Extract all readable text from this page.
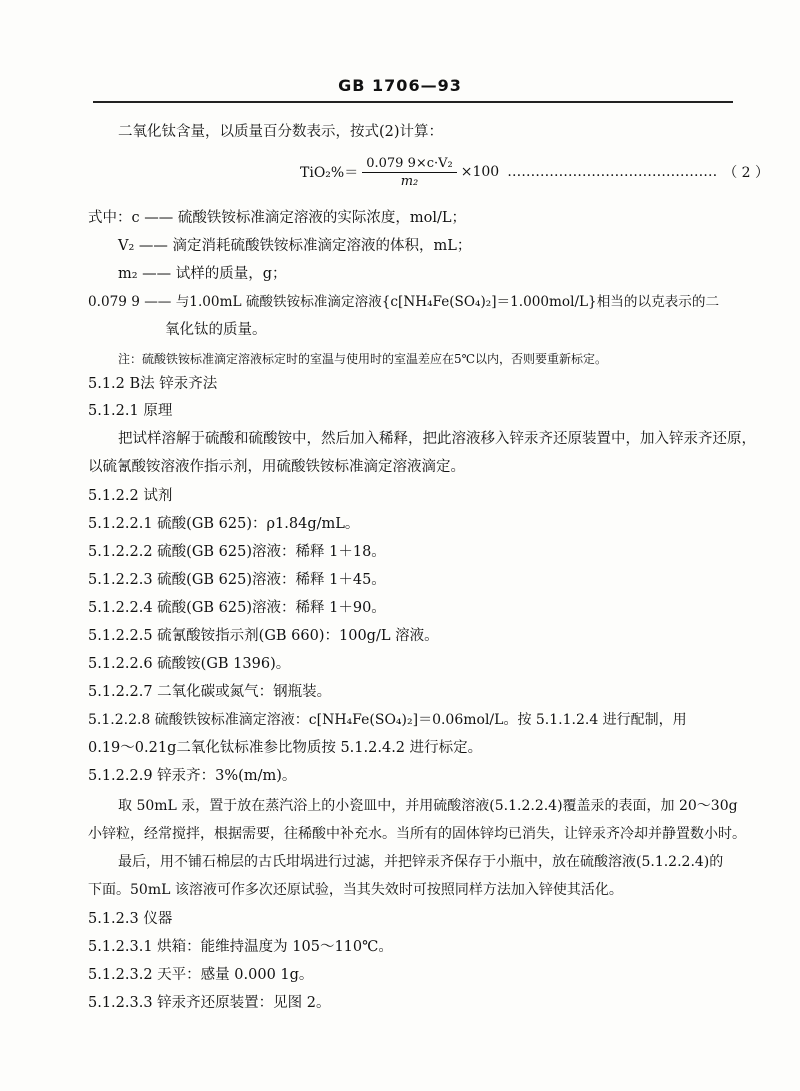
GB 1706—93
二氧化钛含量，以质量百分数表示，按式(2)计算：
$TiO_2\%= \frac{\text{0.079 9×c·V₂}}{\text{m₂}} \times 100$ ……………………………………… （ 2 ）
式中：c —— 硫酸铁铵标准滴定溶液的实际浓度，mol/L；
V₂ —— 滴定消耗硫酸铁铵标准滴定溶液的体积，mL；
m₂ —— 试样的质量，g；
0.079 9 —— 与1.00mL 硫酸铁铵标准滴定溶液{c[NH₄Fe(SO₄)₂]＝1.000mol/L}相当的以克表示的二
氧化钛的质量。
注：硫酸铁铵标准滴定溶液标定时的室温与使用时的室温差应在5℃以内，否则要重新标定。
5.1.2 B法 锌汞齐法
5.1.2.1 原理
把试样溶解于硫酸和硫酸铵中，然后加入稀释，把此溶液移入锌汞齐还原装置中，加入锌汞齐还原，
以硫氰酸铵溶液作指示剂，用硫酸铁铵标准滴定溶液滴定。
5.1.2.2 试剂
5.1.2.2.1 硫酸(GB 625)：ρ1.84g/mL。
5.1.2.2.2 硫酸(GB 625)溶液：稀释 1＋18。
5.1.2.2.3 硫酸(GB 625)溶液：稀释 1＋45。
5.1.2.2.4 硫酸(GB 625)溶液：稀释 1＋90。
5.1.2.2.5 硫氰酸铵指示剂(GB 660)：100g/L 溶液。
5.1.2.2.6 硫酸铵(GB 1396)。
5.1.2.2.7 二氧化碳或氮气：钢瓶装。
5.1.2.2.8 硫酸铁铵标准滴定溶液：c[NH₄Fe(SO₄)₂]＝0.06mol/L。按 5.1.1.2.4 进行配制，用
0.19～0.21g二氧化钛标准参比物质按 5.1.2.4.2 进行标定。
5.1.2.2.9 锌汞齐：3%(m/m)。
取 50mL 汞，置于放在蒸汽浴上的小瓷皿中，并用硫酸溶液(5.1.2.2.4)覆盖汞的表面，加 20～30g
小锌粒，经常搅拌，根据需要，往稀酸中补充水。当所有的固体锌均已消失，让锌汞齐冷却并静置数小时。
最后，用不铺石棉层的古氏坩埚进行过滤，并把锌汞齐保存于小瓶中，放在硫酸溶液(5.1.2.2.4)的
下面。50mL 该溶液可作多次还原试验，当其失效时可按照同样方法加入锌使其活化。
5.1.2.3 仪器
5.1.2.3.1 烘箱：能维持温度为 105～110℃。
5.1.2.3.2 天平：感量 0.000 1g。
5.1.2.3.3 锌汞齐还原装置：见图 2。
